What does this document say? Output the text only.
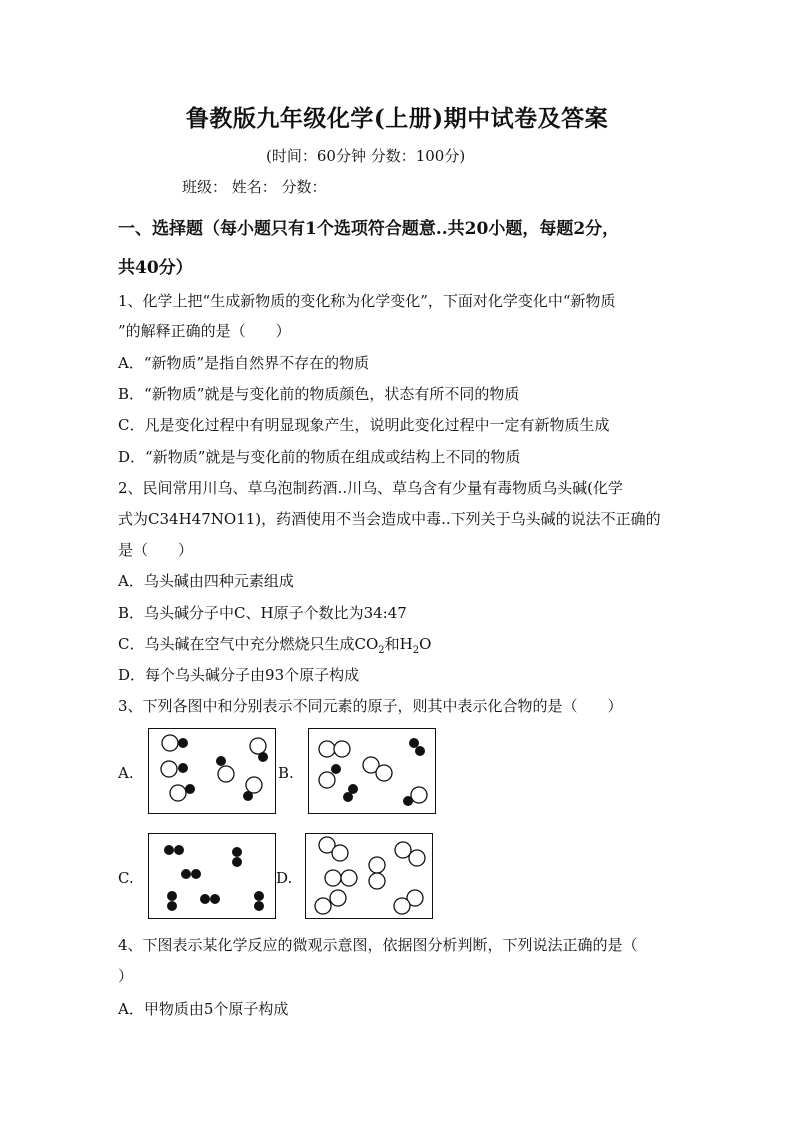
鲁教版九年级化学(上册)期中试卷及答案
(时间：60分钟 分数：100分)
班级： 姓名： 分数：
一、选择题（每小题只有1个选项符合题意..共20小题，每题2分，
共40分）
1、化学上把“生成新物质的变化称为化学变化”，下面对化学变化中“新物质
”的解释正确的是（　　）
A．“新物质”是指自然界不存在的物质
B．“新物质”就是与变化前的物质颜色，状态有所不同的物质
C．凡是变化过程中有明显现象产生，说明此变化过程中一定有新物质生成
D．“新物质”就是与变化前的物质在组成或结构上不同的物质
2、民间常用川乌、草乌泡制药酒..川乌、草乌含有少量有毒物质乌头碱(化学
式为C34H47NO11)，药酒使用不当会造成中毒..下列关于乌头碱的说法不正确的
是（　　）
A．乌头碱由四种元素组成
B．乌头碱分子中C、H原子个数比为34:47
C．乌头碱在空气中充分燃烧只生成$CO_2$和$H_2O$
D．每个乌头碱分子由93个原子构成
3、下列各图中和分别表示不同元素的原子，则其中表示化合物的是（　　）
A.	B.
C.	D.
4、下图表示某化学反应的微观示意图，依据图分析判断，下列说法正确的是（
）
A．甲物质由5个原子构成
